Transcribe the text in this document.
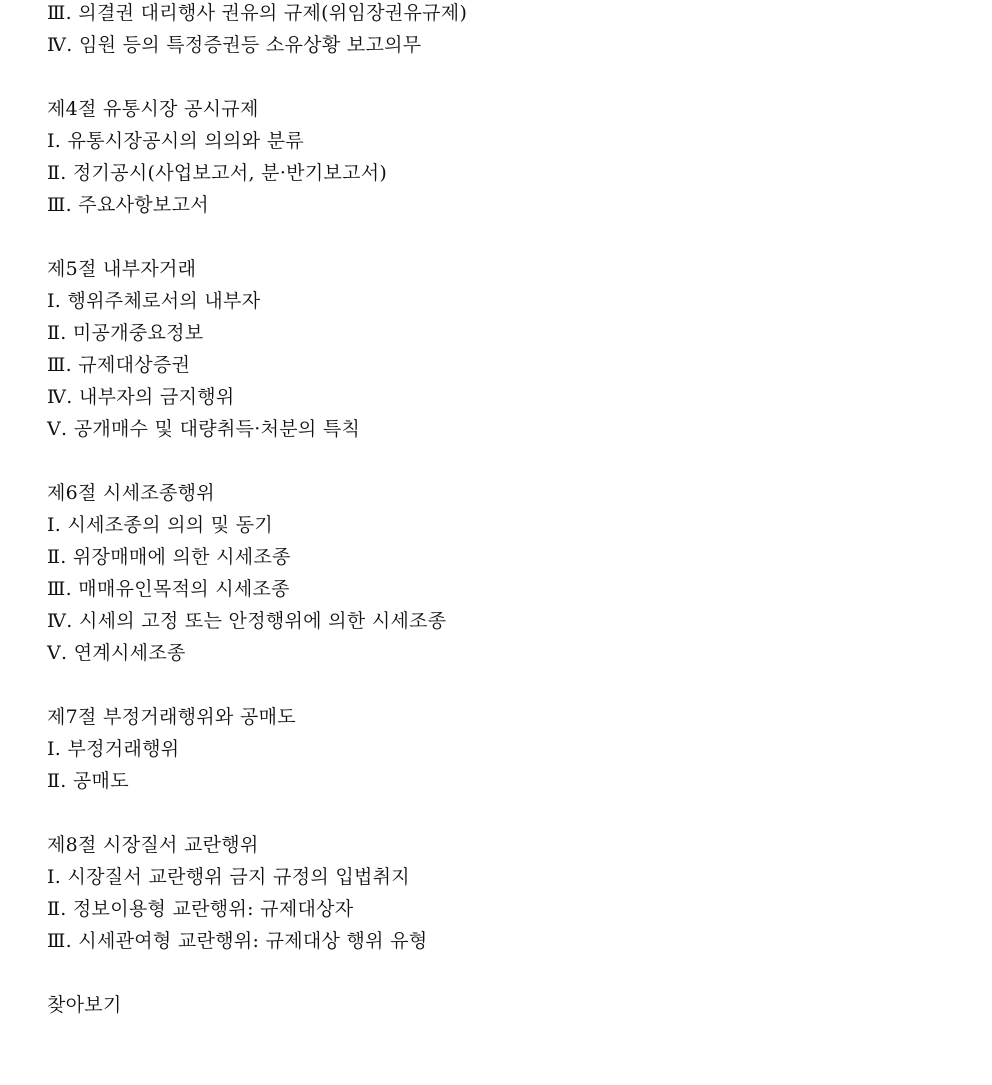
Ⅲ. 의결권 대리행사 권유의 규제(위임장권유규제)
Ⅳ. 임원 등의 특정증권등 소유상황 보고의무
제4절 유통시장 공시규제
Ⅰ. 유통시장공시의 의의와 분류
Ⅱ. 정기공시(사업보고서, 분·반기보고서)
Ⅲ. 주요사항보고서
제5절 내부자거래
Ⅰ. 행위주체로서의 내부자
Ⅱ. 미공개중요정보
Ⅲ. 규제대상증권
Ⅳ. 내부자의 금지행위
Ⅴ. 공개매수 및 대량취득·처분의 특칙
제6절 시세조종행위
Ⅰ. 시세조종의 의의 및 동기
Ⅱ. 위장매매에 의한 시세조종
Ⅲ. 매매유인목적의 시세조종
Ⅳ. 시세의 고정 또는 안정행위에 의한 시세조종
Ⅴ. 연계시세조종
제7절 부정거래행위와 공매도
Ⅰ. 부정거래행위
Ⅱ. 공매도
제8절 시장질서 교란행위
Ⅰ. 시장질서 교란행위 금지 규정의 입법취지
Ⅱ. 정보이용형 교란행위: 규제대상자
Ⅲ. 시세관여형 교란행위: 규제대상 행위 유형
찾아보기
